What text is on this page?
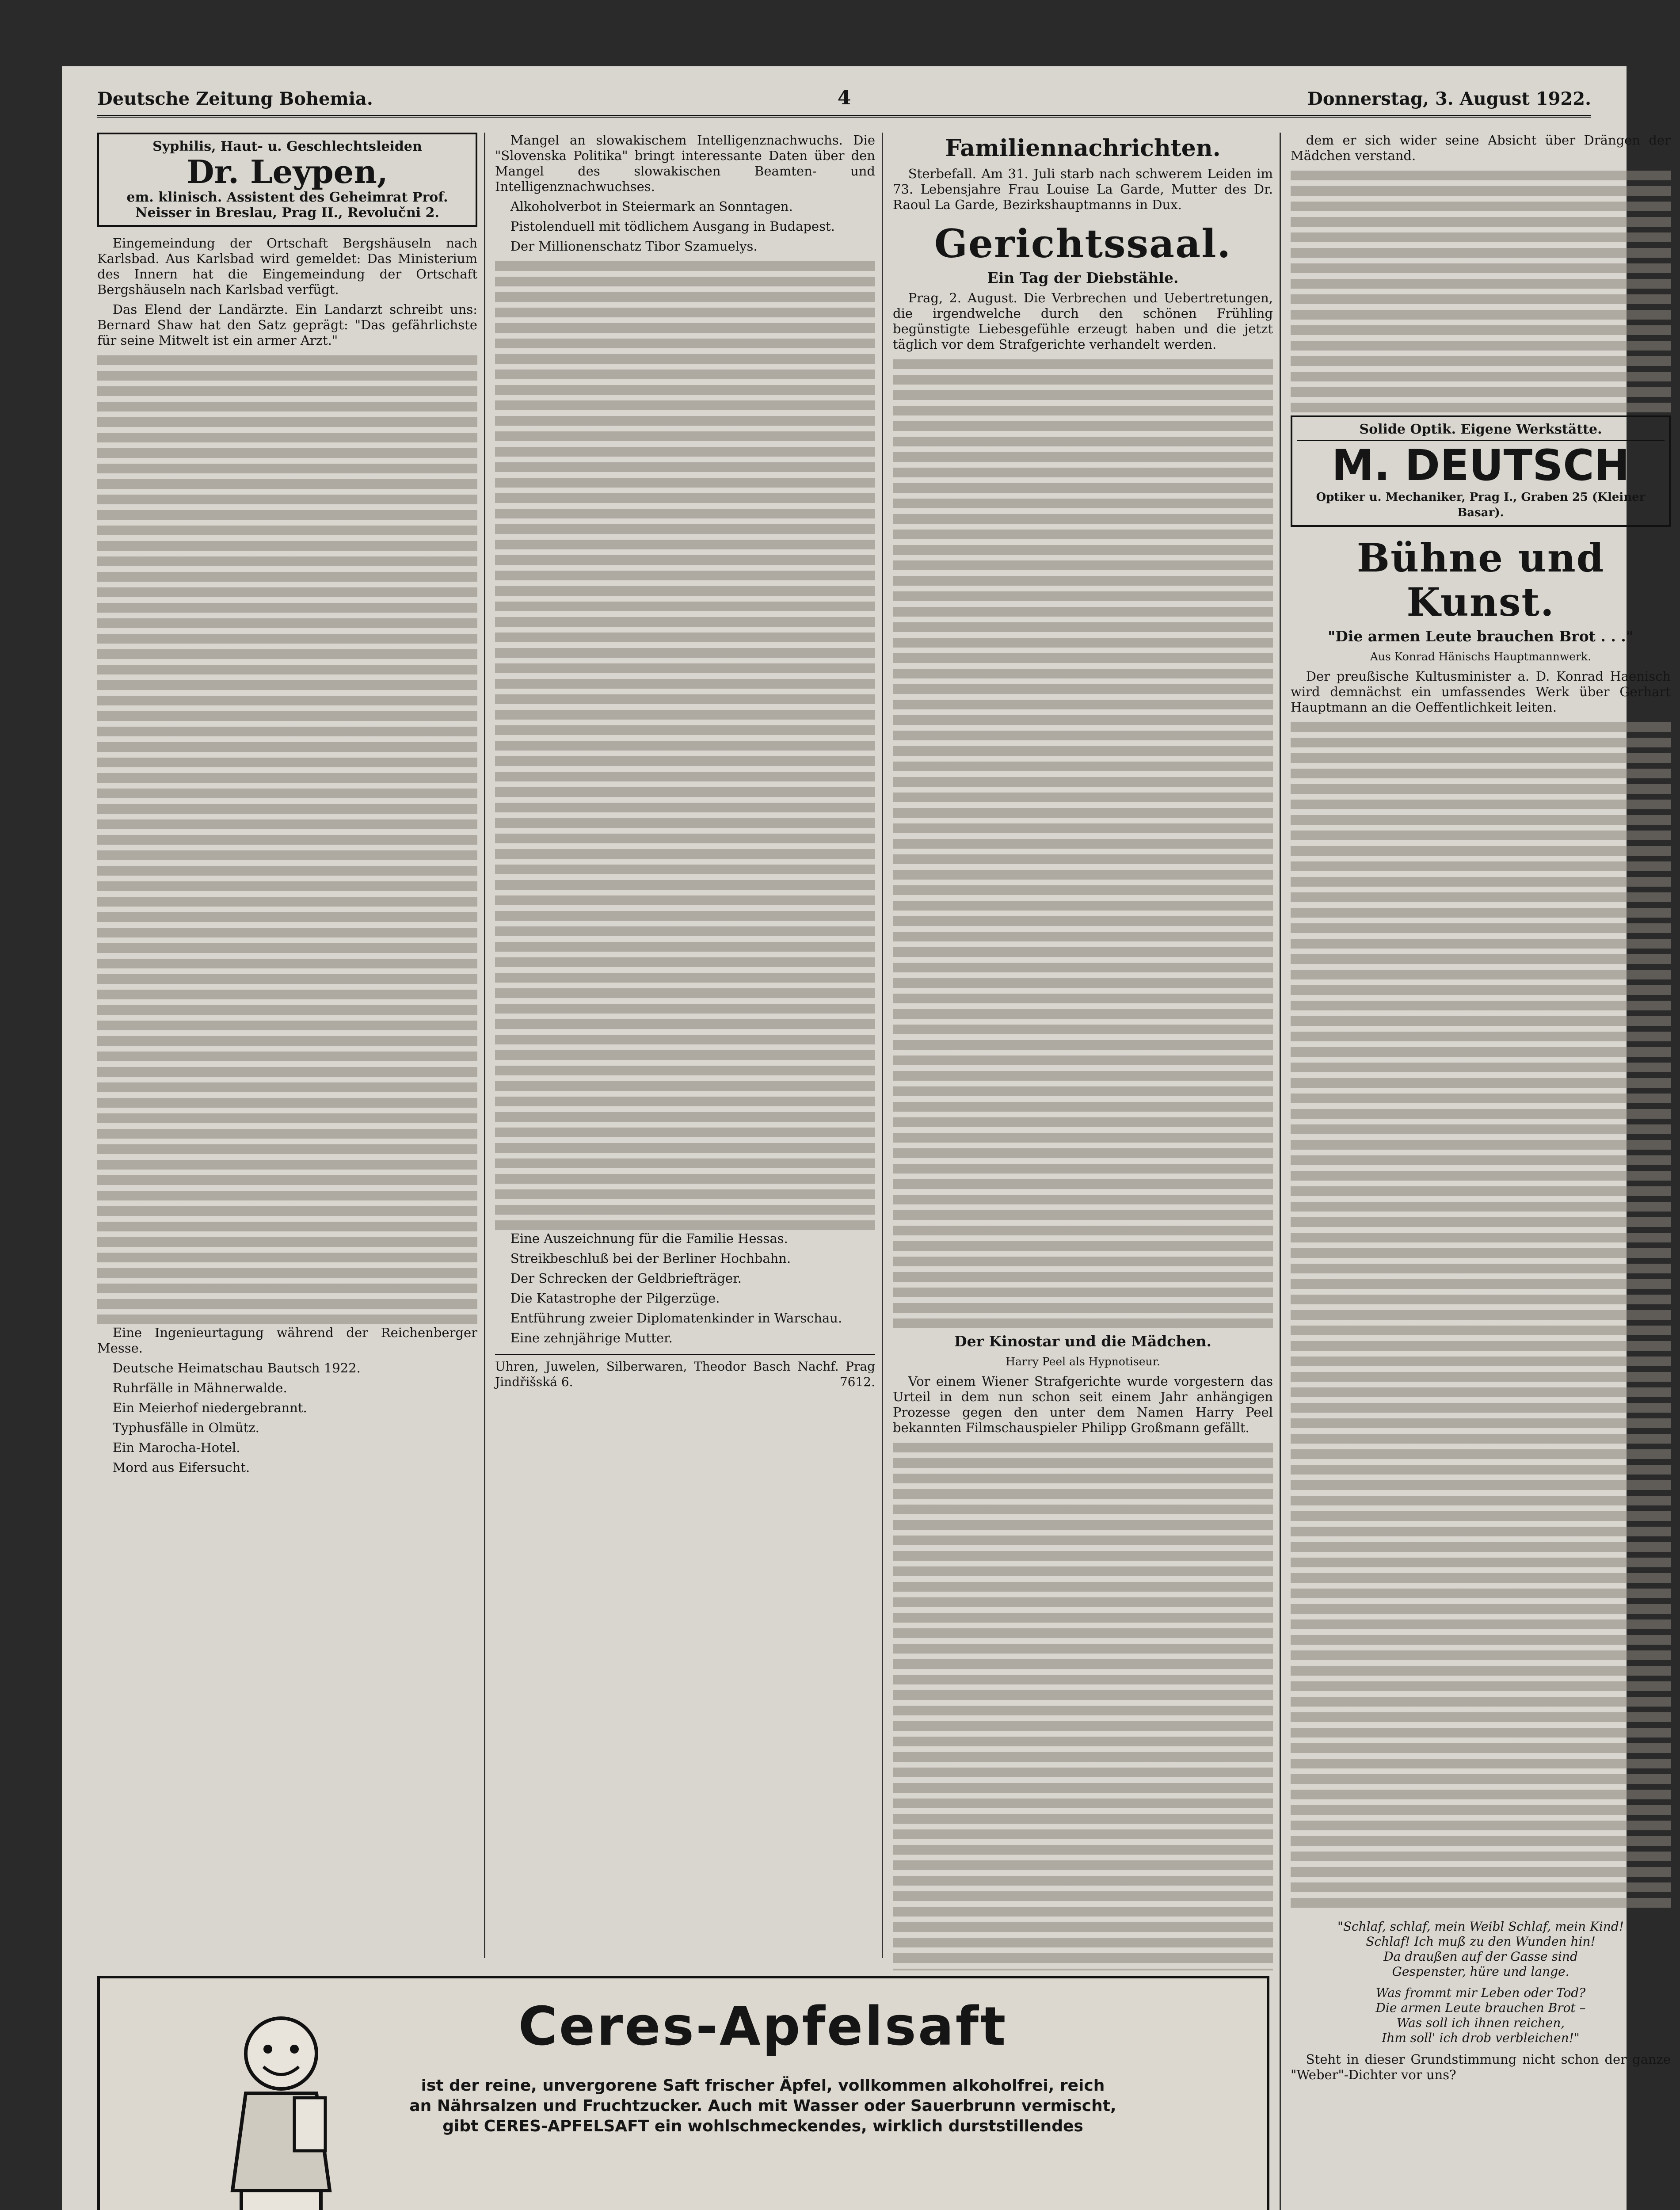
Deutsche Zeitung Bohemia.	4	Donnerstag, 3. August 1922.
Syphilis, Haut- u. Geschlechtsleiden
Dr. Leypen,
em. klinisch. Assistent des Geheimrat Prof. Neisser in Breslau, Prag II., Revolučni 2.

Eingemeindung der Ortschaft Bergshäuseln nach Karlsbad. Aus Karlsbad wird gemeldet: Das Ministerium des Innern hat die Eingemeindung der Ortschaft Bergshäuseln nach Karlsbad verfügt.

Das Elend der Landärzte. Ein Landarzt schreibt uns: Bernard Shaw hat den Satz geprägt: "Das gefährlichste für seine Mitwelt ist ein armer Arzt."

Eine Ingenieurtagung während der Reichenberger Messe.

Deutsche Heimatschau Bautsch 1922.

Ruhrfälle in Mähnerwalde.

Ein Meierhof niedergebrannt.

Typhusfälle in Olmütz.

Ein Marocha-Hotel.

Mord aus Eifersucht.

Mangel an slowakischem Intelligenznachwuchs. Die "Slovenska Politika" bringt interessante Daten über den Mangel des slowakischen Beamten- und Intelligenznachwuchses.

Alkoholverbot in Steiermark an Sonntagen.

Pistolenduell mit tödlichem Ausgang in Budapest.

Der Millionenschatz Tibor Szamuelys.

Eine Auszeichnung für die Familie Hessas.

Streikbeschluß bei der Berliner Hochbahn.

Der Schrecken der Geldbriefträger.

Die Katastrophe der Pilgerzüge.

Entführung zweier Diplomatenkinder in Warschau.

Eine zehnjährige Mutter.

Uhren, Juwelen, Silberwaren, Theodor Basch Nachf. Prag Jindřišská 6.	7612.
Familiennachrichten.

Sterbefall. Am 31. Juli starb nach schwerem Leiden im 73. Lebensjahre Frau Louise La Garde, Mutter des Dr. Raoul La Garde, Bezirkshauptmanns in Dux.

Gerichtssaal.
Ein Tag der Diebstähle.

Prag, 2. August. Die Verbrechen und Uebertretungen, die irgendwelche durch den schönen Frühling begünstigte Liebesgefühle erzeugt haben und die jetzt täglich vor dem Strafgerichte verhandelt werden.

Der Kinostar und die Mädchen.
Harry Peel als Hypnotiseur.

Vor einem Wiener Strafgerichte wurde vorgestern das Urteil in dem nun schon seit einem Jahr anhängigen Prozesse gegen den unter dem Namen Harry Peel bekannten Filmschauspieler Philipp Großmann gefällt.

dem er sich wider seine Absicht über Drängen der Mädchen verstand.

Solide Optik. Eigene Werkstätte.
M. DEUTSCH
Optiker u. Mechaniker, Prag I., Graben 25 (Kleiner Basar).
Bühne und Kunst.
"Die armen Leute brauchen Brot . . ."
Aus Konrad Hänischs Hauptmannwerk.

Der preußische Kultusminister a. D. Konrad Haenisch wird demnächst ein umfassendes Werk über Gerhart Hauptmann an die Oeffentlichkeit leiten.

"Schlaf, schlaf, mein Weibl Schlaf, mein Kind!
Schlaf! Ich muß zu den Wunden hin!
Da draußen auf der Gasse sind
Gespenster, hüre und lange.
Was frommt mir Leben oder Tod?
Die armen Leute brauchen Brot –
Was soll ich ihnen reichen,
Ihm soll' ich drob verbleichen!"

Steht in dieser Grundstimmung nicht schon der ganze "Weber"-Dichter vor uns?

Ceres-Apfelsaft
ist der reine, unvergorene Saft frischer Äpfel, vollkommen alkoholfrei, reich an Nährsalzen und Fruchtzucker. Auch mit Wasser oder Sauerbrunn vermischt, gibt CERES-APFELSAFT ein wohlschmeckendes, wirklich durststillendes
